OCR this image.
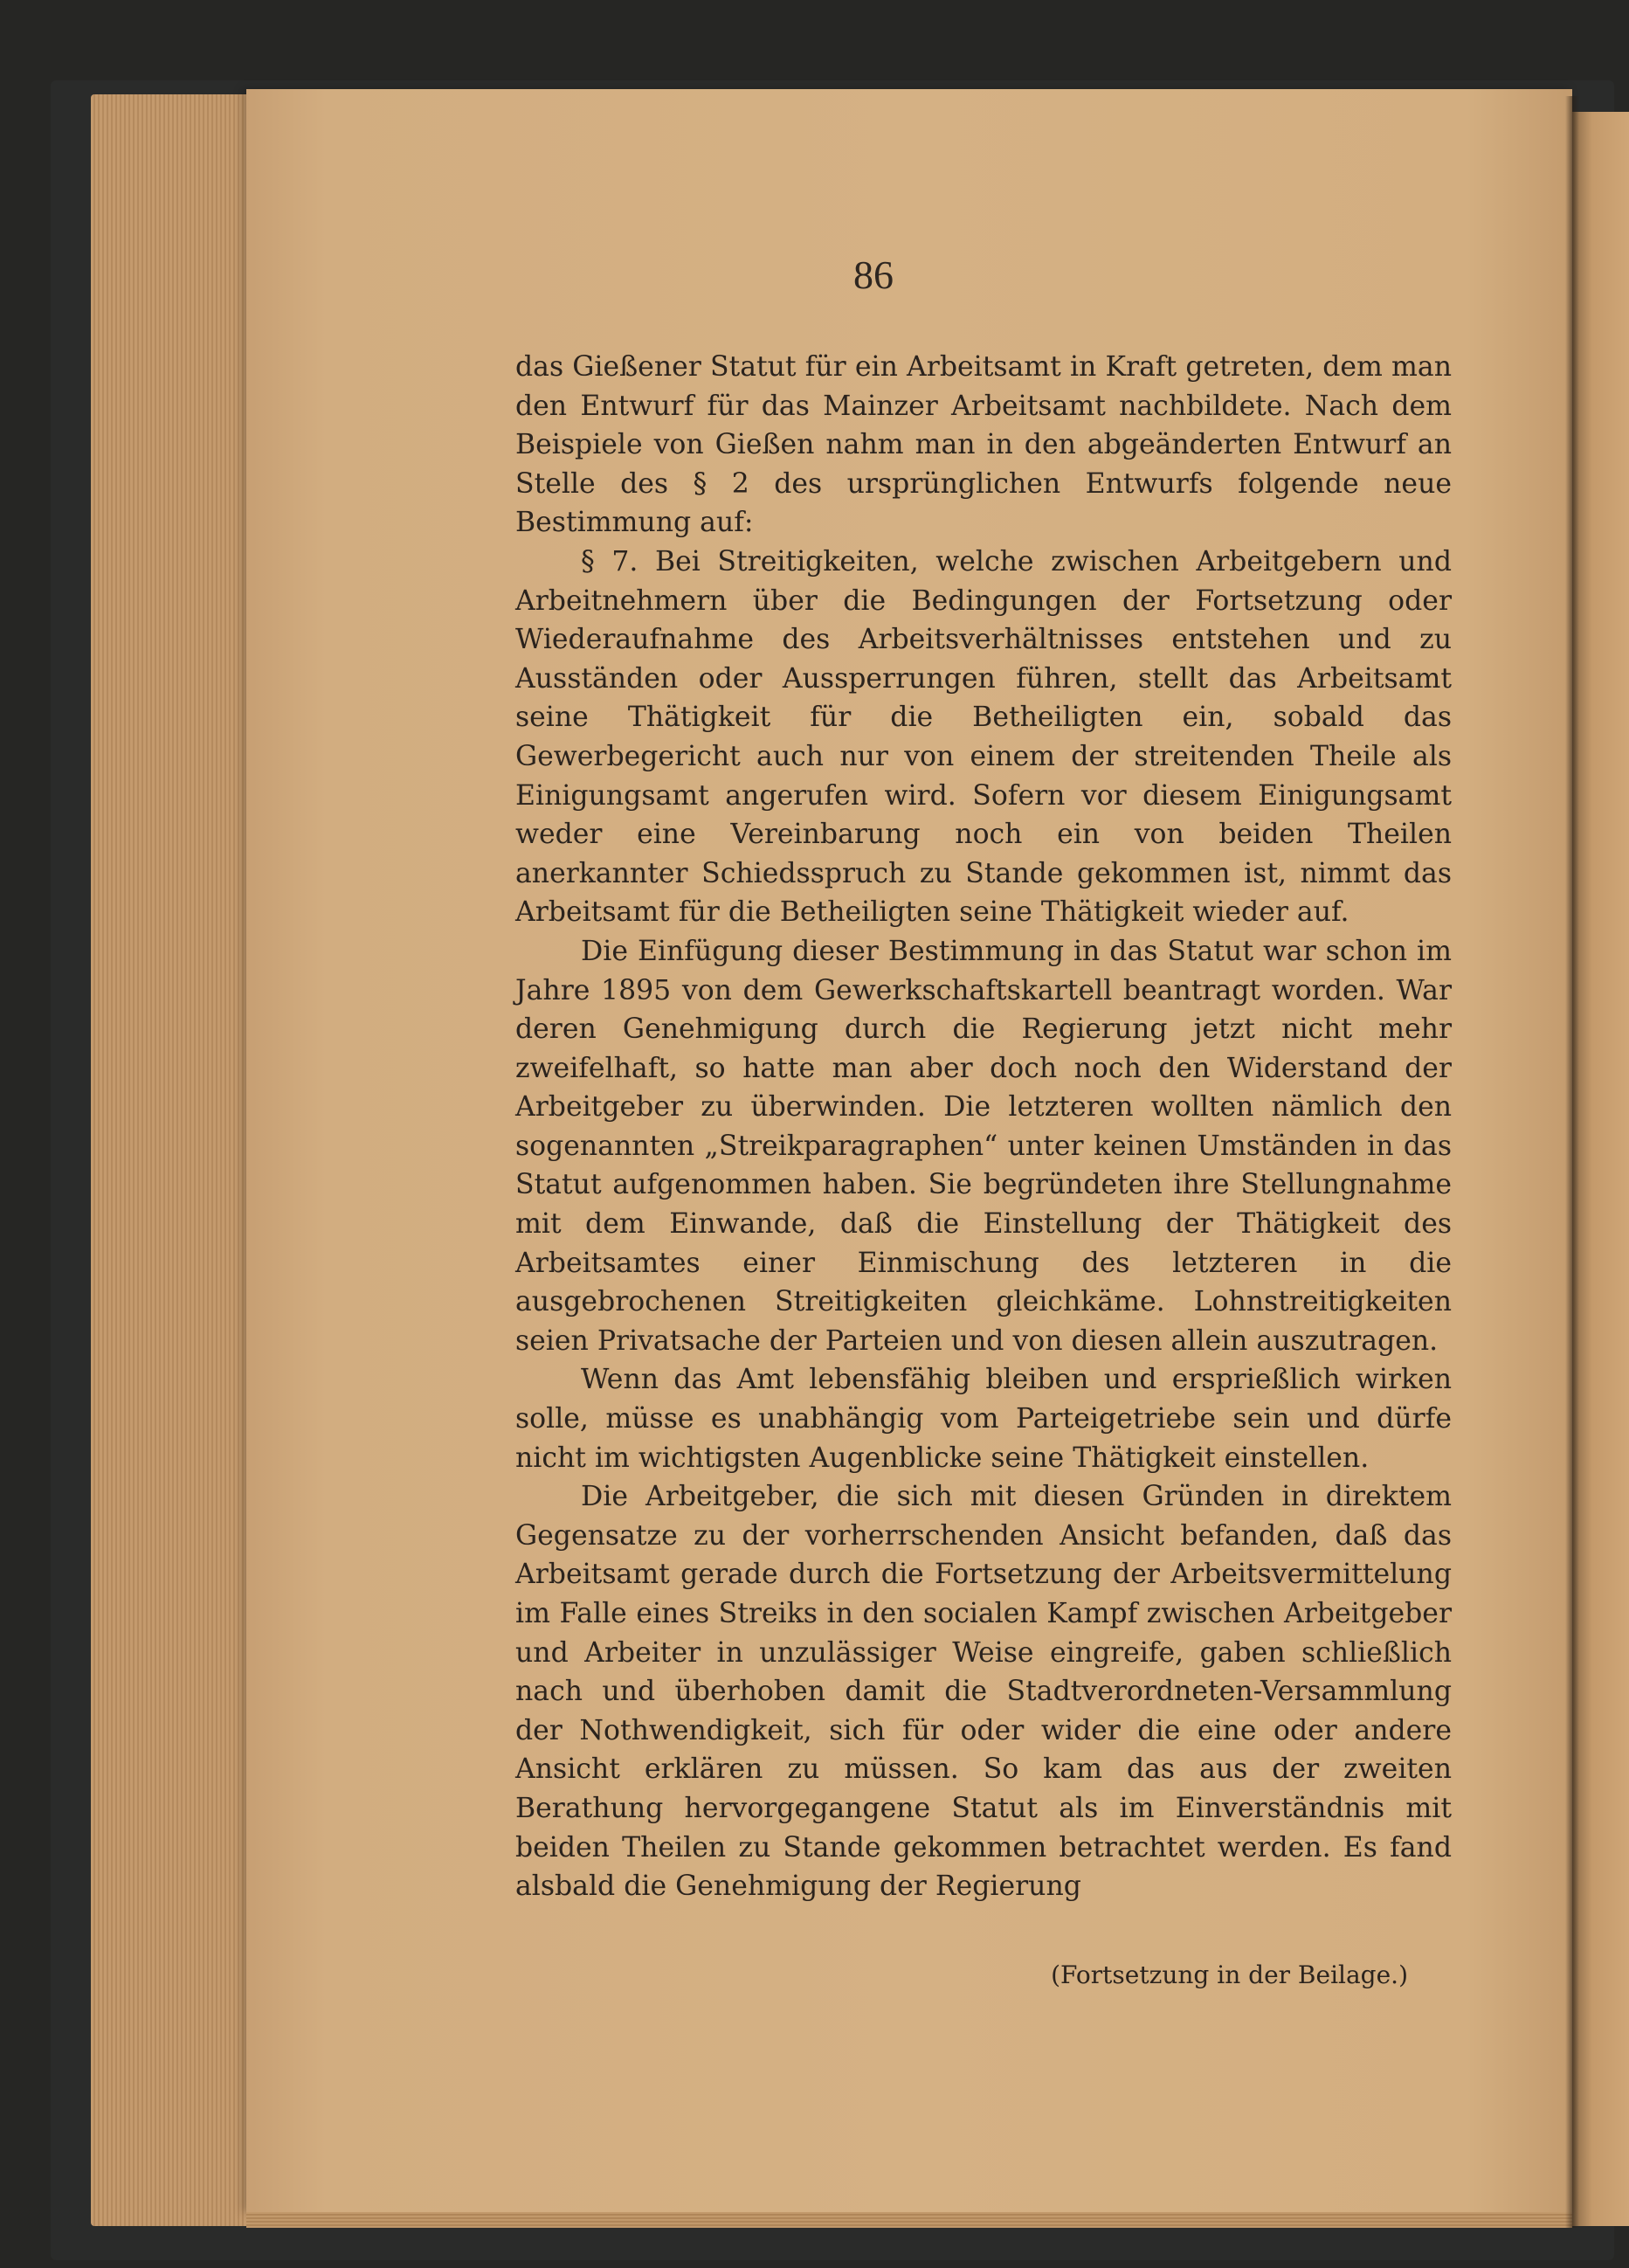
86

das Gießener Statut für ein Arbeitsamt in Kraft getreten, dem man den Entwurf für das Mainzer Arbeitsamt nachbildete. Nach dem Beispiele von Gießen nahm man in den abgeänderten Entwurf an Stelle des § 2 des ursprünglichen Entwurfs folgende neue Bestimmung auf:

§ 7. Bei Streitigkeiten, welche zwischen Arbeitgebern und Arbeitnehmern über die Bedingungen der Fortsetzung oder Wiederaufnahme des Arbeitsverhältnisses entstehen und zu Ausständen oder Aussperrungen führen, stellt das Arbeitsamt seine Thätigkeit für die Betheiligten ein, sobald das Gewerbegericht auch nur von einem der streitenden Theile als Einigungsamt angerufen wird. Sofern vor diesem Einigungsamt weder eine Vereinbarung noch ein von beiden Theilen anerkannter Schiedsspruch zu Stande gekommen ist, nimmt das Arbeitsamt für die Betheiligten seine Thätigkeit wieder auf.

Die Einfügung dieser Bestimmung in das Statut war schon im Jahre 1895 von dem Gewerkschaftskartell beantragt worden. War deren Genehmigung durch die Regierung jetzt nicht mehr zweifelhaft, so hatte man aber doch noch den Widerstand der Arbeitgeber zu überwinden. Die letzteren wollten nämlich den sogenannten „Streikparagraphen“ unter keinen Umständen in das Statut aufgenommen haben. Sie begründeten ihre Stellungnahme mit dem Einwande, daß die Einstellung der Thätigkeit des Arbeitsamtes einer Einmischung des letzteren in die ausgebrochenen Streitigkeiten gleichkäme. Lohnstreitigkeiten seien Privatsache der Parteien und von diesen allein auszutragen.

Wenn das Amt lebensfähig bleiben und ersprießlich wirken solle, müsse es unabhängig vom Parteigetriebe sein und dürfe nicht im wichtigsten Augenblicke seine Thätigkeit einstellen.

Die Arbeitgeber, die sich mit diesen Gründen in direktem Gegensatze zu der vorherrschenden Ansicht befanden, daß das Arbeitsamt gerade durch die Fortsetzung der Arbeitsvermittelung im Falle eines Streiks in den socialen Kampf zwischen Arbeitgeber und Arbeiter in unzulässiger Weise eingreife, gaben schließlich nach und überhoben damit die Stadtverordneten-Versammlung der Nothwendigkeit, sich für oder wider die eine oder andere Ansicht erklären zu müssen. So kam das aus der zweiten Berathung hervorgegangene Statut als im Einverständnis mit beiden Theilen zu Stande gekommen betrachtet werden. Es fand alsbald die Genehmigung der Regierung

(Fortsetzung in der Beilage.)
